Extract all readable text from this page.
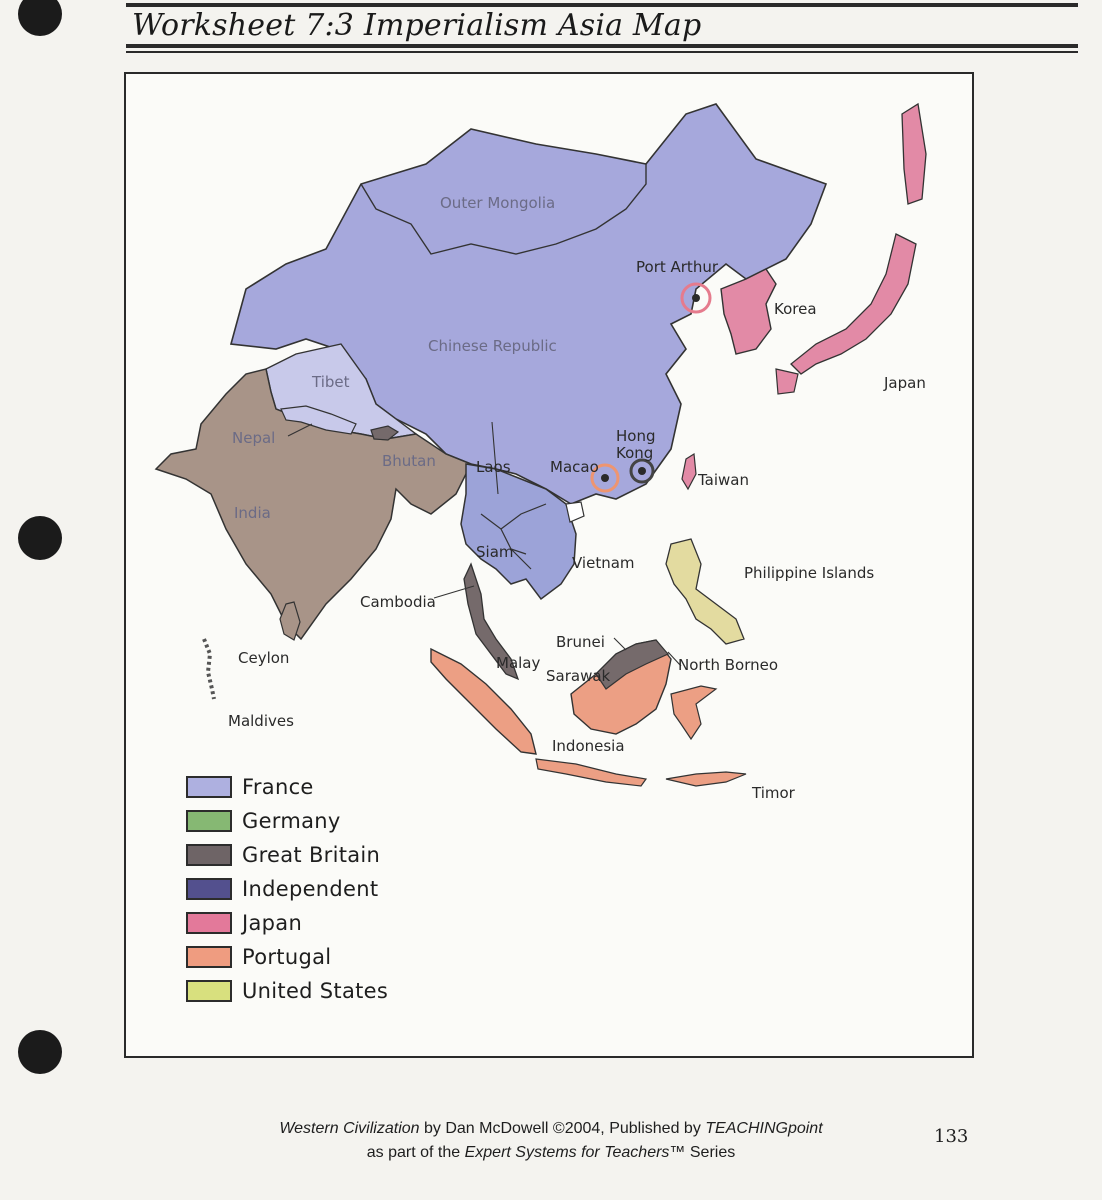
Worksheet 7:3 Imperialism Asia Map
Outer Mongolia
Chinese Republic
Tibet
Nepal
Bhutan
India
Ceylon
Maldives
Port Arthur
Korea
Japan
Hong
Kong
Macao
Taiwan
Laos
Siam
Vietnam
Cambodia
Malay
Brunei
Sarawak
North Borneo
Philippine Islands
Indonesia
Timor
France
Germany
Great Britain
Independent
Japan
Portugal
United States
Western Civilization by Dan McDowell ©2004, Published by TEACHINGpoint
as part of the Expert Systems for Teachers™ Series
133
